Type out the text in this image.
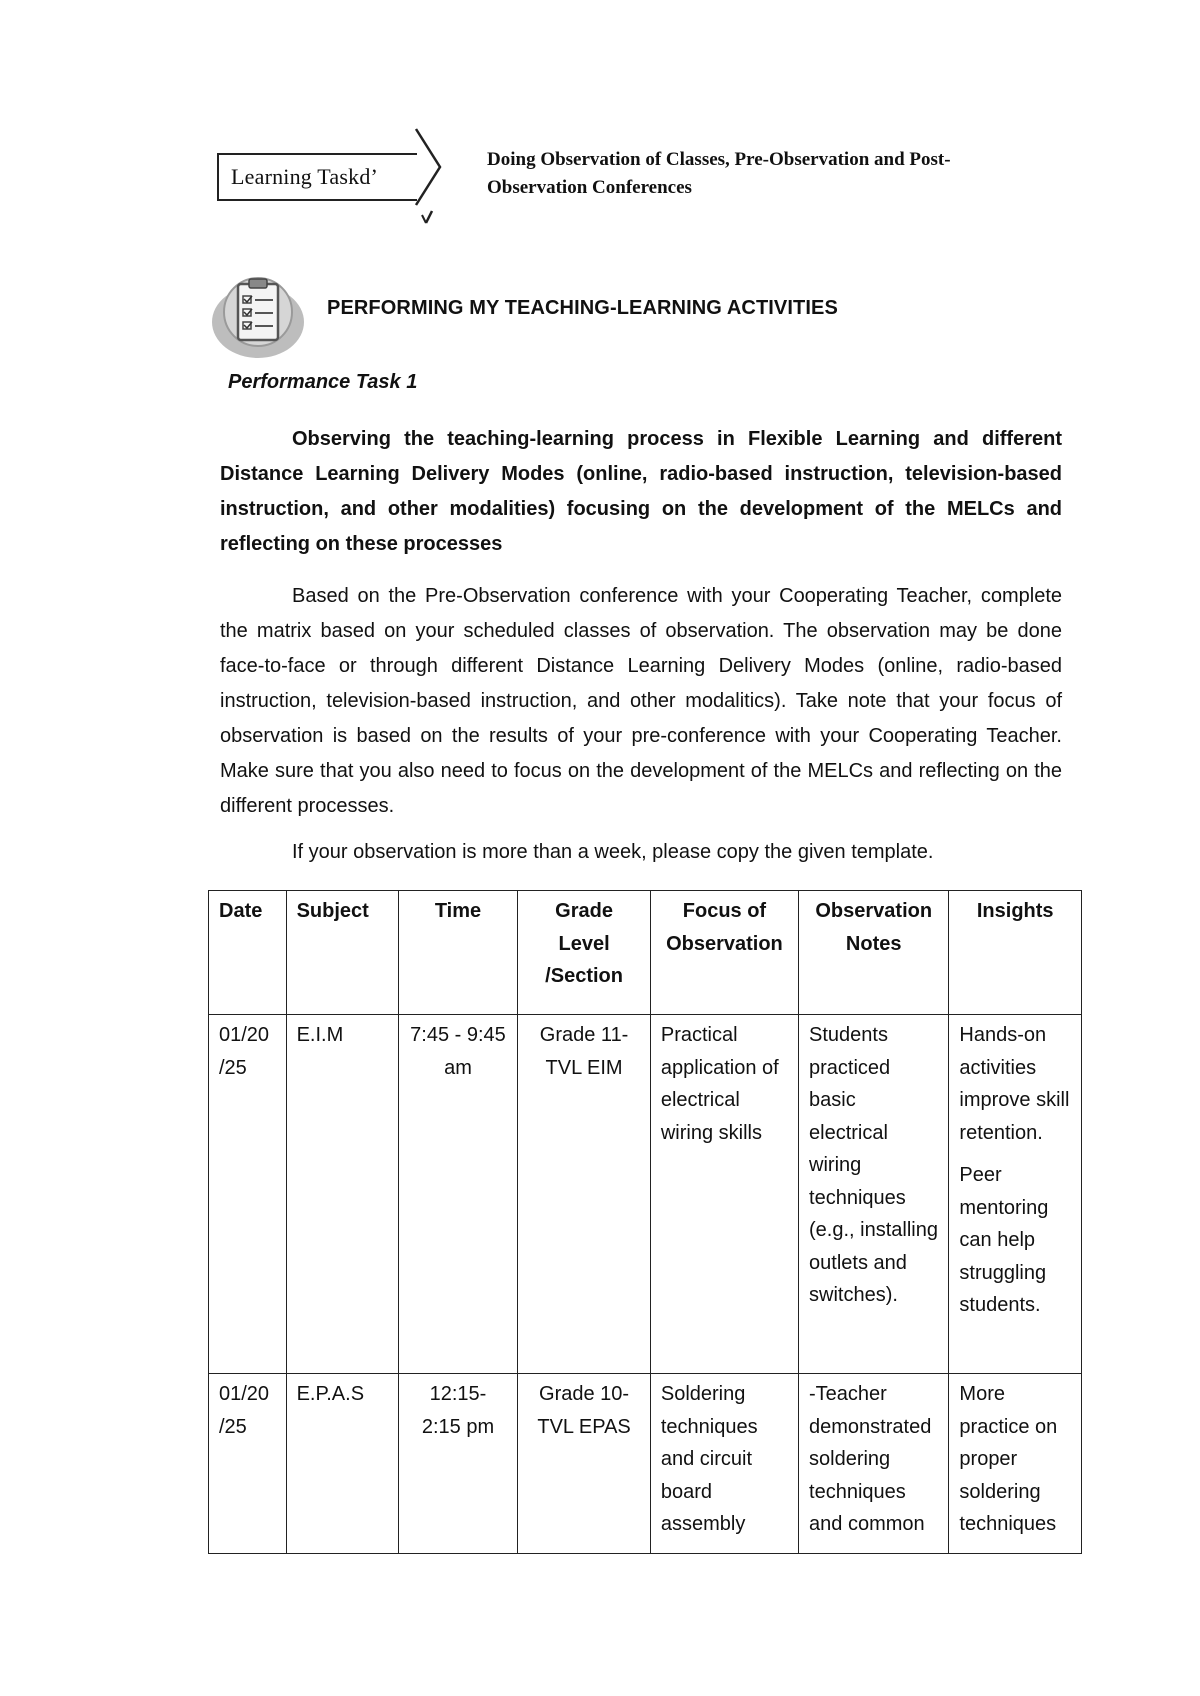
Learning Taskd’
Doing Observation of Classes, Pre-Observation and Post-Observation Conferences
PERFORMING MY TEACHING-LEARNING ACTIVITIES
Performance Task 1

Observing the teaching-learning process in Flexible Learning and different Distance Learning Delivery Modes (online, radio-based instruction, television-based instruction, and other modalities) focusing on the development of the MELCs and reflecting on these processes

Based on the Pre-Observation conference with your Cooperating Teacher, complete the matrix based on your scheduled classes of observation. The observation may be done face-to-face or through different Distance Learning Delivery Modes (online, radio-based instruction, television-based instruction, and other modalitics). Take note that your focus of observation is based on the results of your pre-conference with your Cooperating Teacher. Make sure that you also need to focus on the development of the MELCs and reflecting on the different processes.

If your observation is more than a week, please copy the given template.

Date	Subject	Time	Grade Level /Section	Focus of Observation	Observation Notes	Insights
01/20 /25	E.I.M	7:45 - 9:45 am	Grade 11- TVL EIM	Practical application of electrical wiring skills	Students practiced basic electrical wiring techniques (e.g., installing outlets and switches).	Hands-on activities improve skill retention.
Peer mentoring can help struggling students.

01/20 /25	E.P.A.S	12:15- 2:15 pm	Grade 10- TVL EPAS	Soldering techniques and circuit board assembly	-Teacher demonstrated soldering techniques and common	More practice on proper soldering techniques
